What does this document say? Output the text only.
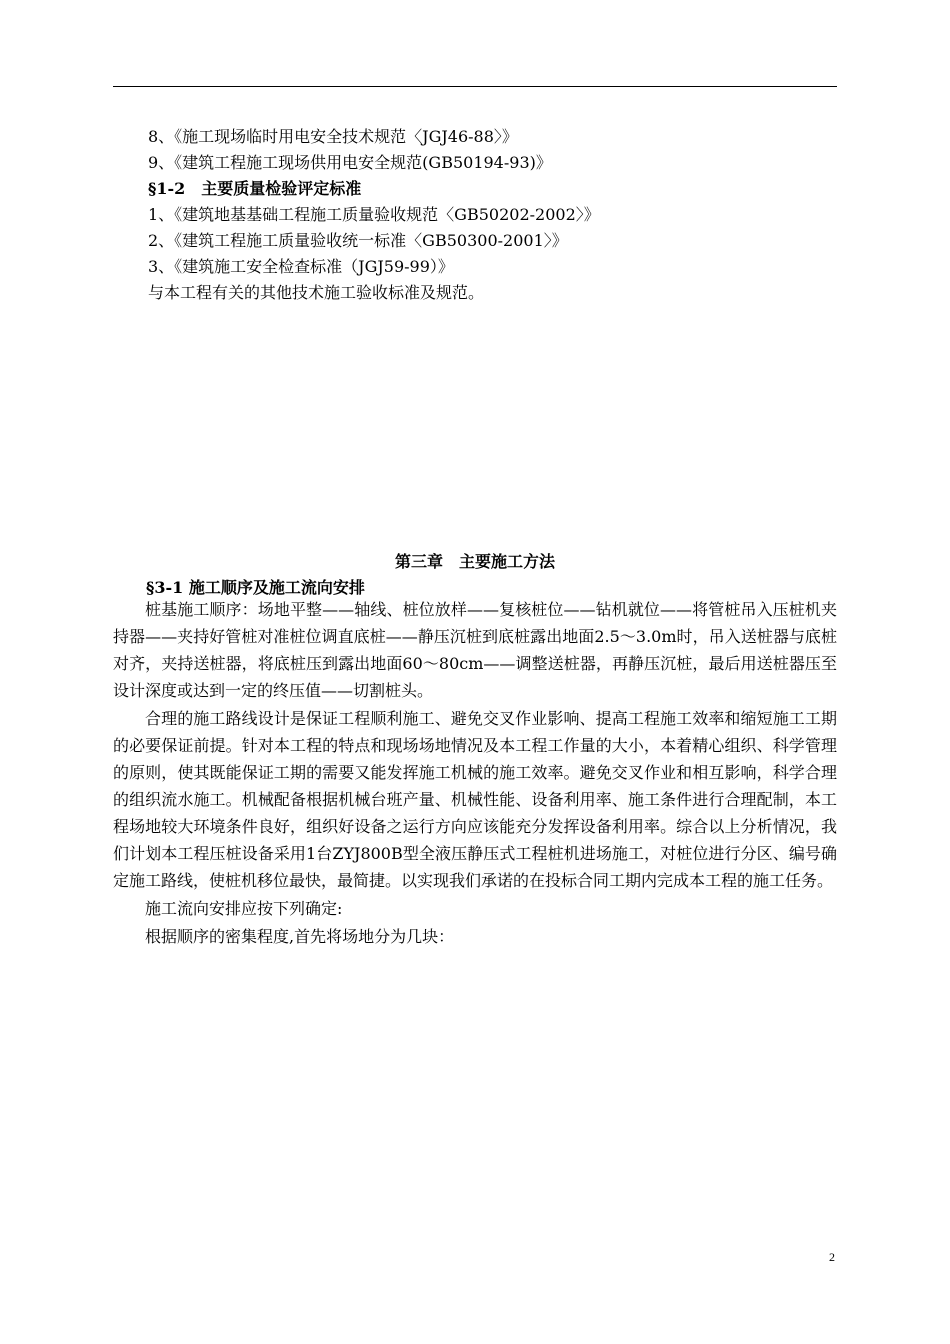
8、《施工现场临时用电安全技术规范〈JGJ46-88〉》
9、《建筑工程施工现场供用电安全规范(GB50194-93)》
§1-2　主要质量检验评定标准
1、《建筑地基基础工程施工质量验收规范〈GB50202-2002〉》
2、《建筑工程施工质量验收统一标准〈GB50300-2001〉》
3、《建筑施工安全检查标准（JGJ59-99）》
与本工程有关的其他技术施工验收标准及规范。
第三章　主要施工方法
§3-1 施工顺序及施工流向安排

桩基施工顺序：场地平整——轴线、桩位放样——复核桩位——钻机就位——将管桩吊入压桩机夹持器——夹持好管桩对准桩位调直底桩——静压沉桩到底桩露出地面2.5～3.0m时，吊入送桩器与底桩对齐，夹持送桩器，将底桩压到露出地面60～80cm——调整送桩器，再静压沉桩，最后用送桩器压至设计深度或达到一定的终压值——切割桩头。

合理的施工路线设计是保证工程顺利施工、避免交叉作业影响、提高工程施工效率和缩短施工工期的必要保证前提。针对本工程的特点和现场场地情况及本工程工作量的大小，本着精心组织、科学管理的原则，使其既能保证工期的需要又能发挥施工机械的施工效率。避免交叉作业和相互影响，科学合理的组织流水施工。机械配备根据机械台班产量、机械性能、设备利用率、施工条件进行合理配制，本工程场地较大环境条件良好，组织好设备之运行方向应该能充分发挥设备利用率。综合以上分析情况，我们计划本工程压桩设备采用1台ZYJ800B型全液压静压式工程桩机进场施工，对桩位进行分区、编号确定施工路线，使桩机移位最快，最简捷。以实现我们承诺的在投标合同工期内完成本工程的施工任务。

施工流向安排应按下列确定:

根据顺序的密集程度,首先将场地分为几块：

2
